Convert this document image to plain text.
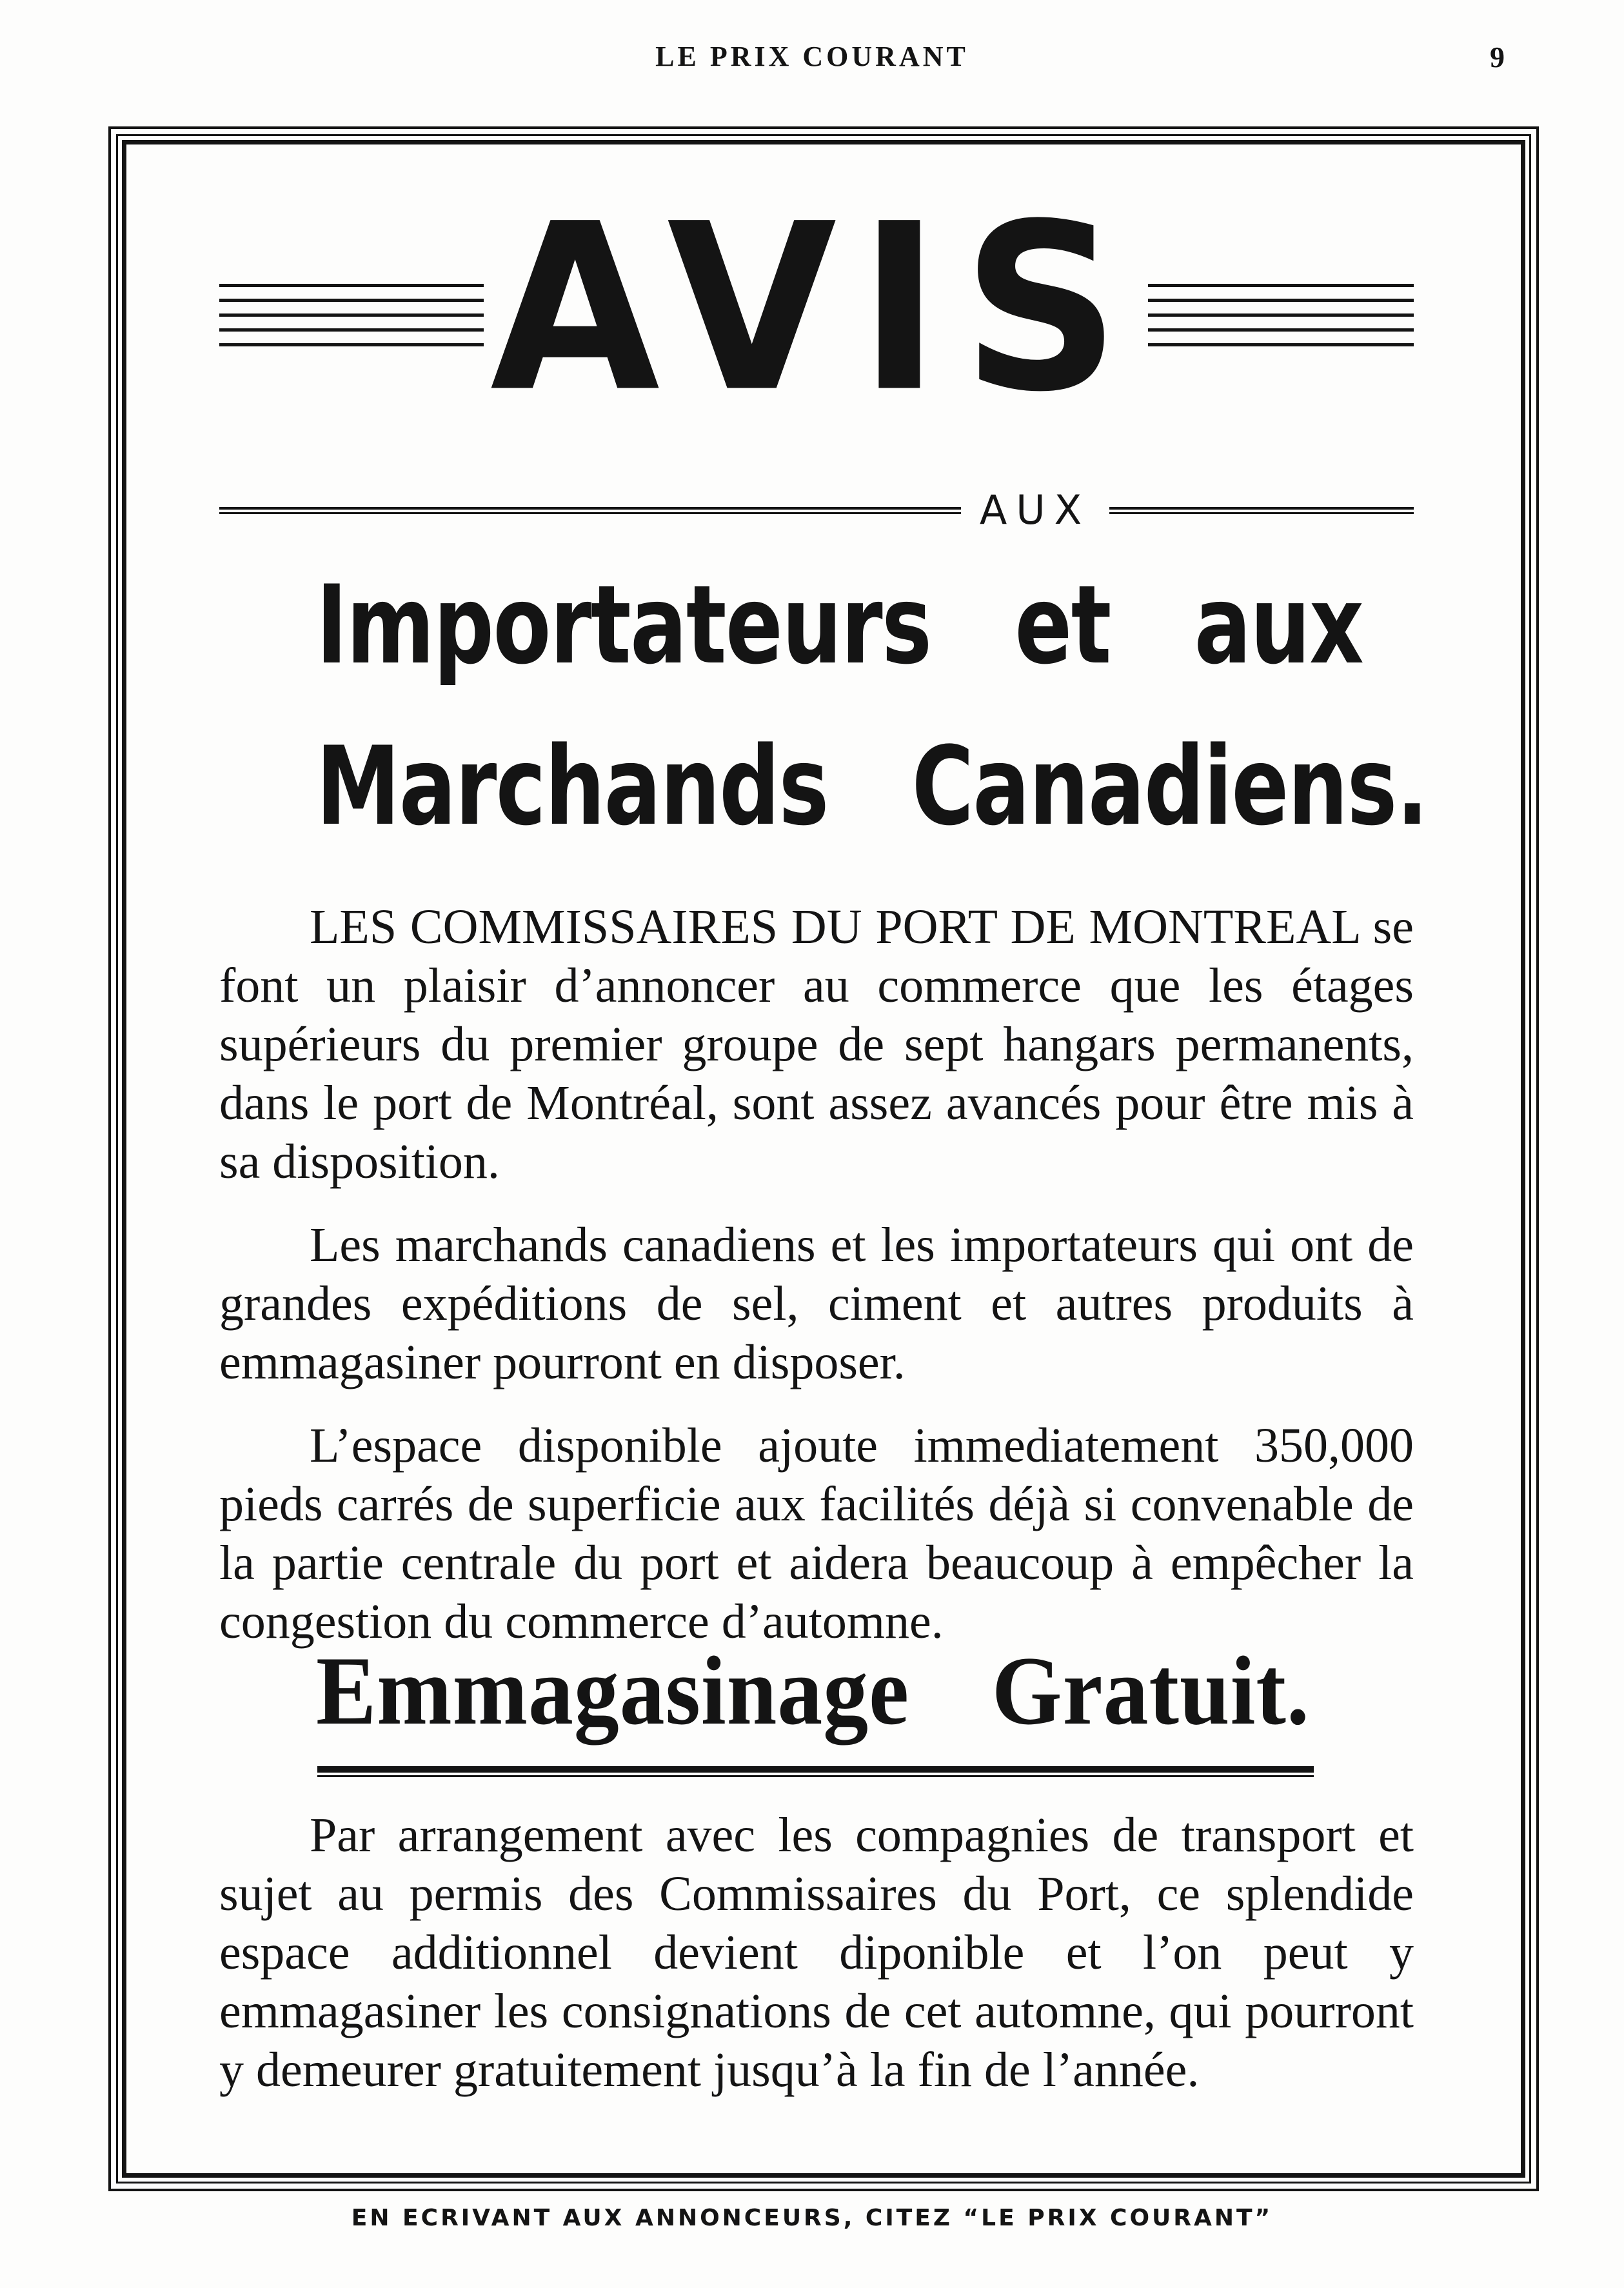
LE PRIX COURANT	9
AVIS
AUX
Importateurs et aux
Marchands Canadiens.

LES COMMISSAIRES DU PORT DE MONTREAL se font un plaisir d’annoncer au commerce que les étages supérieurs du premier groupe de sept hangars permanents, dans le port de Montréal, sont assez avancés pour être mis à sa disposition.

Les marchands canadiens et les importateurs qui ont de grandes expéditions de sel, ciment et autres produits à emmagasiner pourront en disposer.

L’espace disponible ajoute immediatement 350,000 pieds carrés de superficie aux facilités déjà si convenable de la partie centrale du port et aidera beaucoup à empêcher la congestion du commerce d’automne.

Emmagasinage Gratuit.
Par arrangement avec les compagnies de transport et sujet au permis des Commissaires du Port, ce splendide espace additionnel devient diponible et l’on peut y emmagasiner les consignations de cet automne, qui pourront y demeurer gratuitement jusqu’à la fin de l’année.
EN ECRIVANT AUX ANNONCEURS, CITEZ “LE PRIX COURANT”
